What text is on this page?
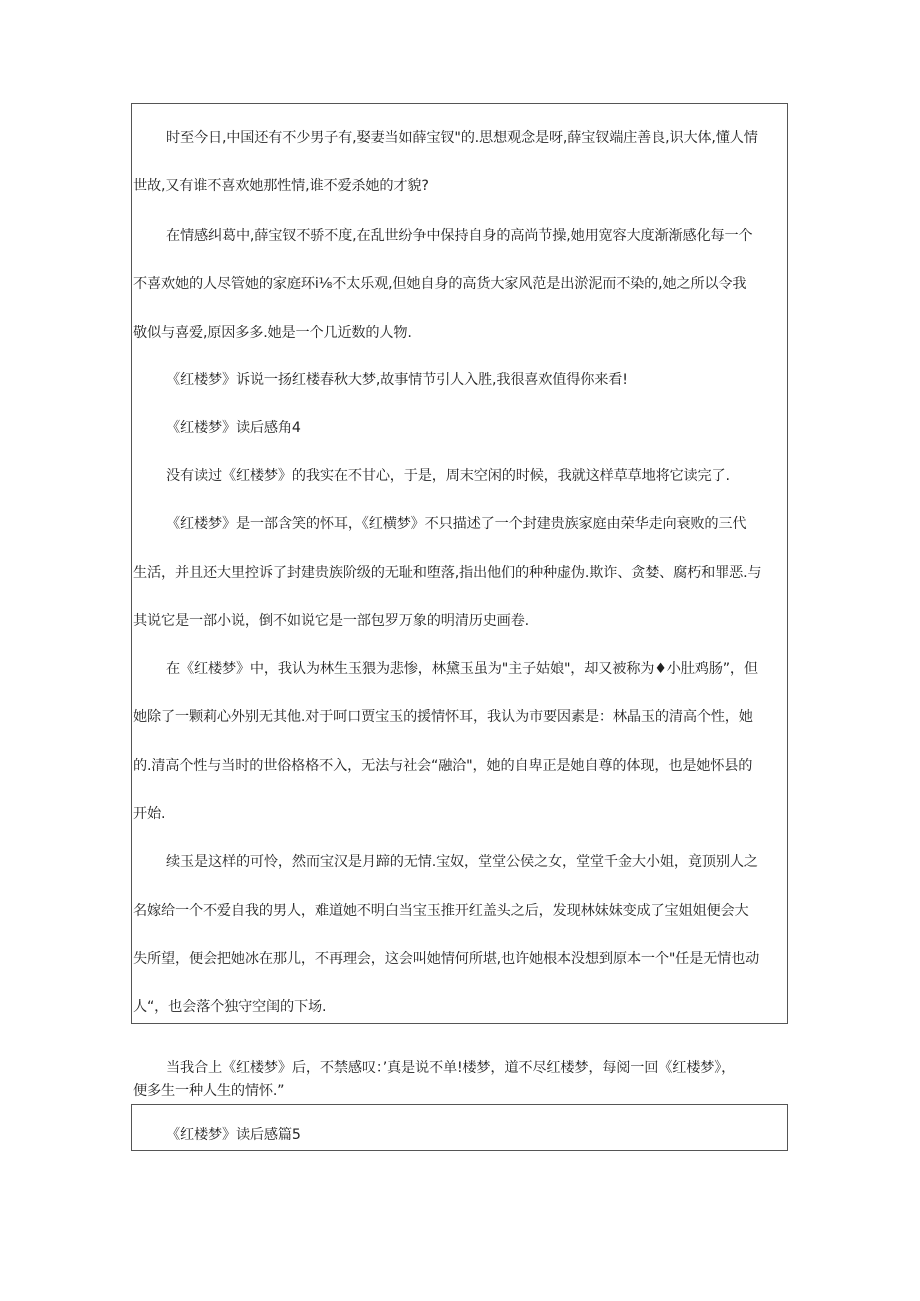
时至今日,中国还有不少男子有,娶妻当如薛宝钗"的.思想观念是呀,薛宝钗端庄善良,识大体,懂人情
世故,又有谁不喜欢她那性情,谁不爱杀她的才貌?
在情感纠葛中,薛宝钗不骄不度,在乱世纷争中保持自身的高尚节操,她用宽容大度渐渐感化每一个
不喜欢她的人尽管她的家庭环i⅛不太乐观,但她自身的高货大家风范是出淤泥而不染的,她之所以令我
敬似与喜爱,原因多多.她是一个几近数的人物.
《红楼梦》诉说一扬红楼春秋大梦,故事情节引人入胜,我很喜欢值得你来看!
《红楼梦》读后感角4
没有读过《红楼梦》的我实在不甘心，于是，周末空闲的时候，我就这样草草地将它读完了.
《红楼梦》是一部含笑的怀耳，《红横梦》不只描述了一个封建贵族家庭由荣华走向衰败的三代
生活，并且还大里控诉了封建贵族阶级的无耻和堕落,指出他们的种种虚伪.欺诈、贪婪、腐朽和罪恶.与
其说它是一部小说，倒不如说它是一部包罗万象的明清历史画卷.
在《红楼梦》中，我认为林生玉猥为悲惨，林黛玉虽为"主子姑娘"，却又被称为♦小肚鸡肠”，但
她除了一颗莉心外别无其他.对于呵口贾宝玉的援情怀耳，我认为市要因素是：林晶玉的清高个性，她
的.清高个性与当时的世俗格格不入，无法与社会“融洽"，她的自卑正是她自尊的体现，也是她怀县的
开始.
续玉是这样的可怜，然而宝汉是月蹄的无情.宝奴，堂堂公侯之女，堂堂千金大小姐，竟顶别人之
名嫁给一个不爱自我的男人，难道她不明白当宝玉推开红盖头之后，发现林妹妹变成了宝姐姐便会大
失所望，便会把她冰在那儿，不再理会，这会叫她情何所堪,也许她根本没想到原本一个"任是无情也动
人“，也会落个独守空闺的下场.
当我合上《红楼梦》后，不禁感叹：’真是说不单!楼梦，道不尽红楼梦，每阅一回《红楼梦》，
便多生一种人生的情怀.”
《红楼梦》读后感篇5
